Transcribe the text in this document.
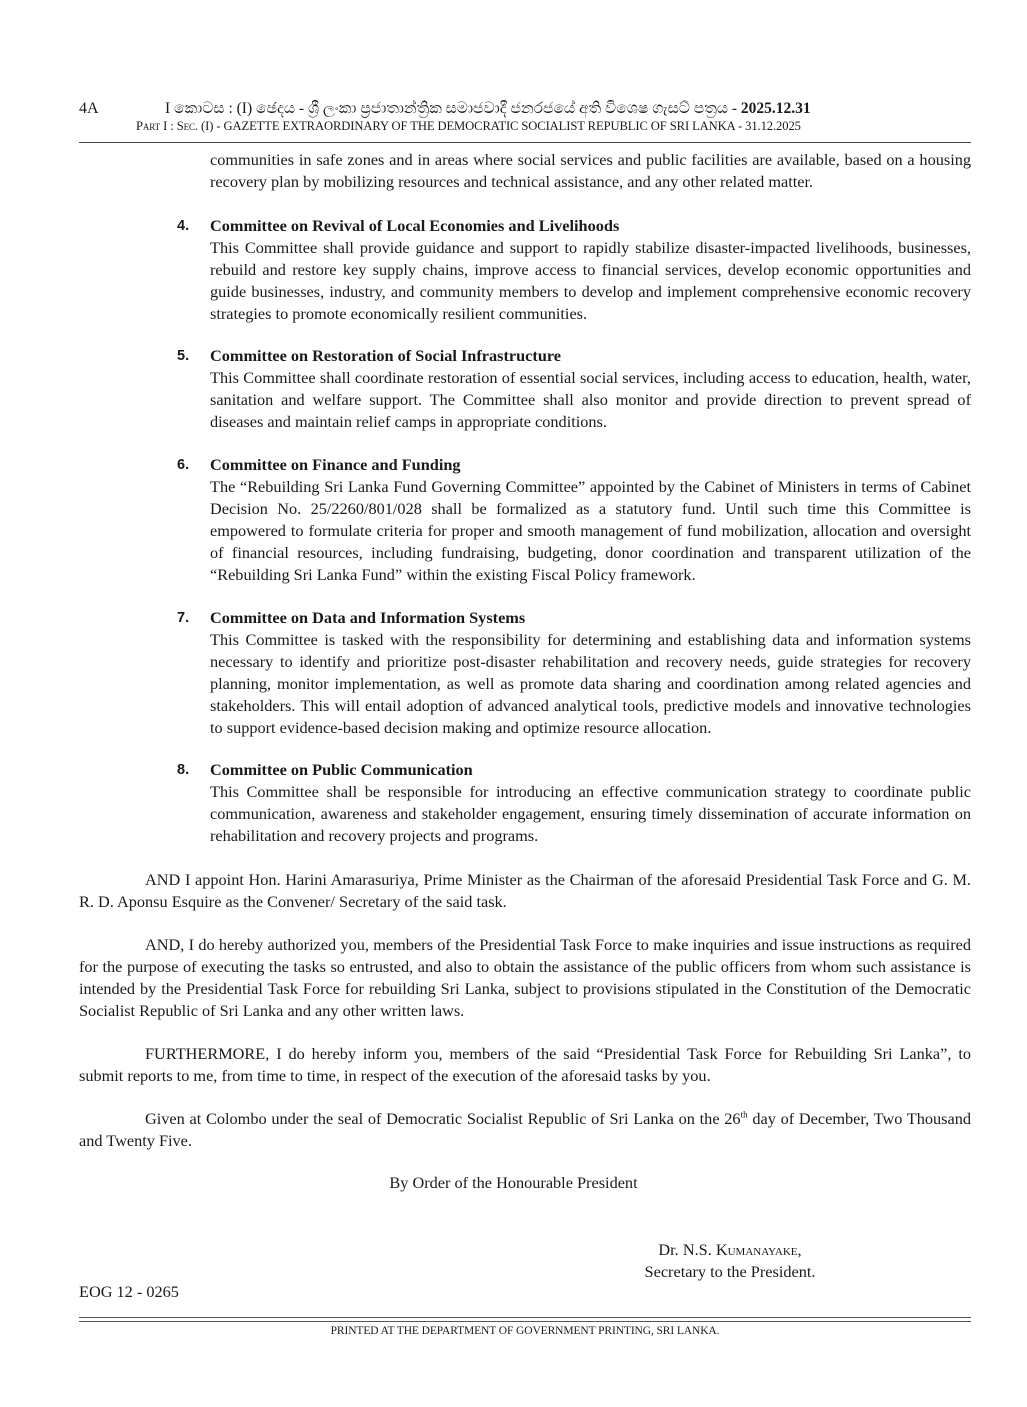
4A	I කොටස : (I) ඡෙදය - ශ්‍රී ලංකා ප්‍රජාතාන්ත්‍රික සමාජවාදී ජනරජයේ අති විශෙෂ ගැසට් පත්‍රය - 2025.12.31
Part I : Sec. (I) - GAZETTE EXTRAORDINARY OF THE DEMOCRATIC SOCIALIST REPUBLIC OF SRI LANKA - 31.12.2025
communities in safe zones and in areas where social services and public facilities are available, based on a housing recovery plan by mobilizing resources and technical assistance, and any other related matter.
4. Committee on Revival of Local Economies and Livelihoods
This Committee shall provide guidance and support to rapidly stabilize disaster-impacted livelihoods, businesses, rebuild and restore key supply chains, improve access to financial services, develop economic opportunities and guide businesses, industry, and community members to develop and implement comprehensive economic recovery strategies to promote economically resilient communities.
5. Committee on Restoration of Social Infrastructure
This Committee shall coordinate restoration of essential social services, including access to education, health, water, sanitation and welfare support. The Committee shall also monitor and provide direction to prevent spread of diseases and maintain relief camps in appropriate conditions.
6. Committee on Finance and Funding
The “Rebuilding Sri Lanka Fund Governing Committee” appointed by the Cabinet of Ministers in terms of Cabinet Decision No. 25/2260/801/028 shall be formalized as a statutory fund. Until such time this Committee is empowered to formulate criteria for proper and smooth management of fund mobilization, allocation and oversight of financial resources, including fundraising, budgeting, donor coordination and transparent utilization of the “Rebuilding Sri Lanka Fund” within the existing Fiscal Policy framework.
7. Committee on Data and Information Systems
This Committee is tasked with the responsibility for determining and establishing data and information systems necessary to identify and prioritize post-disaster rehabilitation and recovery needs, guide strategies for recovery planning, monitor implementation, as well as promote data sharing and coordination among related agencies and stakeholders. This will entail adoption of advanced analytical tools, predictive models and innovative technologies to support evidence-based decision making and optimize resource allocation.
8. Committee on Public Communication
This Committee shall be responsible for introducing an effective communication strategy to coordinate public communication, awareness and stakeholder engagement, ensuring timely dissemination of accurate information on rehabilitation and recovery projects and programs.
AND I appoint Hon. Harini Amarasuriya, Prime Minister as the Chairman of the aforesaid Presidential Task Force and G. M. R. D. Aponsu Esquire as the Convener/ Secretary of the said task.
AND, I do hereby authorized you, members of the Presidential Task Force to make inquiries and issue instructions as required for the purpose of executing the tasks so entrusted, and also to obtain the assistance of the public officers from whom such assistance is intended by the Presidential Task Force for rebuilding Sri Lanka, subject to provisions stipulated in the Constitution of the Democratic Socialist Republic of Sri Lanka and any other written laws.
FURTHERMORE, I do hereby inform you, members of the said “Presidential Task Force for Rebuilding Sri Lanka”, to submit reports to me, from time to time, in respect of the execution of the aforesaid tasks by you.
Given at Colombo under the seal of Democratic Socialist Republic of Sri Lanka on the 26th day of December, Two Thousand and Twenty Five.
By Order of the Honourable President
Dr. N.S. Kumanayake,
Secretary to the President.
EOG 12 - 0265
PRINTED AT THE DEPARTMENT OF GOVERNMENT PRINTING, SRI LANKA.
